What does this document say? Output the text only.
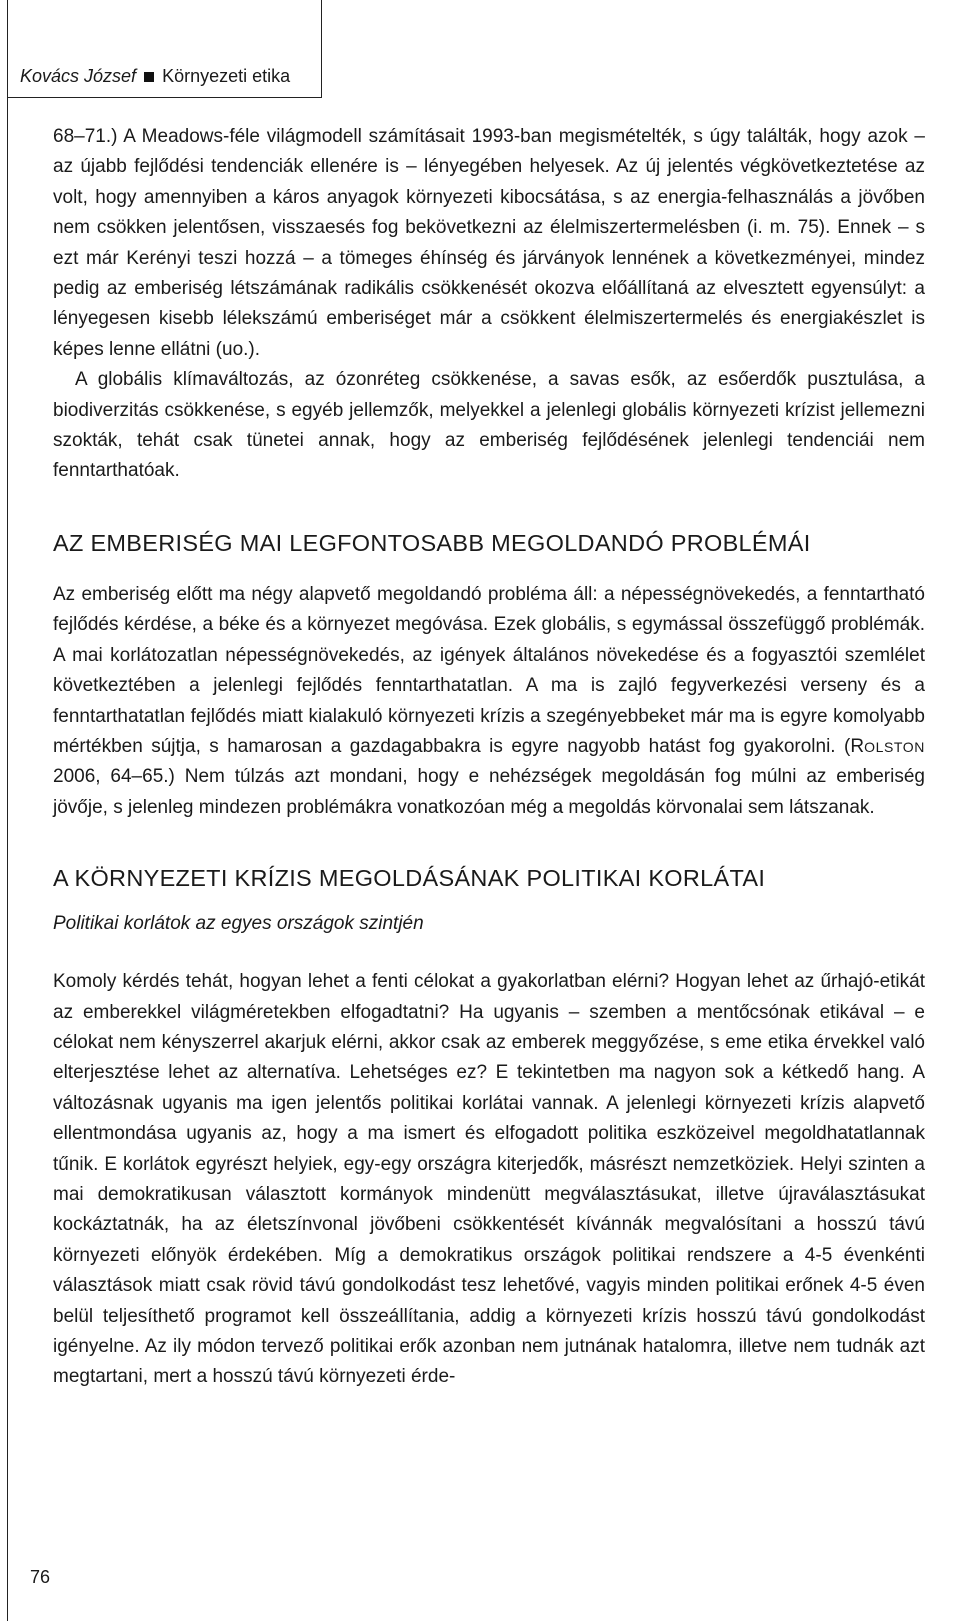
Kovács József Környezeti etika

68–71.) A Meadows-féle világmodell számításait 1993-ban megismételték, s úgy találták, hogy azok – az újabb fejlődési tendenciák ellenére is – lényegében helyesek. Az új jelentés végkövetkeztetése az volt, hogy amennyiben a káros anyagok környezeti kibocsátása, s az energia-felhasználás a jövőben nem csökken jelentősen, visszaesés fog bekövetkezni az élelmiszertermelésben (i. m. 75). Ennek – s ezt már Kerényi teszi hozzá – a tömeges éhínség és járványok lennének a következményei, mindez pedig az emberiség létszámának radikális csökkenését okozva előállítaná az elvesztett egyensúlyt: a lényegesen kisebb lélekszámú emberiséget már a csökkent élelmiszertermelés és energiakészlet is képes lenne ellátni (uo.).

A globális klímaváltozás, az ózonréteg csökkenése, a savas esők, az esőerdők pusztulása, a biodiverzitás csökkenése, s egyéb jellemzők, melyekkel a jelenlegi globális környezeti krízist jellemezni szokták, tehát csak tünetei annak, hogy az emberiség fejlődésének jelenlegi tendenciái nem fenntarthatóak.

AZ EMBERISÉG MAI LEGFONTOSABB MEGOLDANDÓ PROBLÉMÁI

Az emberiség előtt ma négy alapvető megoldandó probléma áll: a népességnövekedés, a fenntartható fejlődés kérdése, a béke és a környezet megóvása. Ezek globális, s egymással összefüggő problémák. A mai korlátozatlan népességnövekedés, az igények általános növekedése és a fogyasztói szemlélet következtében a jelenlegi fejlődés fenntarthatatlan. A ma is zajló fegyverkezési verseny és a fenntarthatatlan fejlődés miatt kialakuló környezeti krízis a szegényebbeket már ma is egyre komolyabb mértékben sújtja, s hamarosan a gazdagabbakra is egyre nagyobb hatást fog gyakorolni. (ROLSTON 2006, 64–65.) Nem túlzás azt mondani, hogy e nehézségek megoldásán fog múlni az emberiség jövője, s jelenleg mindezen problémákra vonatkozóan még a megoldás körvonalai sem látszanak.

A KÖRNYEZETI KRÍZIS MEGOLDÁSÁNAK POLITIKAI KORLÁTAI
Politikai korlátok az egyes országok szintjén

Komoly kérdés tehát, hogyan lehet a fenti célokat a gyakorlatban elérni? Hogyan lehet az űrhajó-etikát az emberekkel világméretekben elfogadtatni? Ha ugyanis – szemben a mentőcsónak etikával – e célokat nem kényszerrel akarjuk elérni, akkor csak az emberek meggyőzése, s eme etika érvekkel való elterjesztése lehet az alternatíva. Lehetséges ez? E tekintetben ma nagyon sok a kétkedő hang. A változásnak ugyanis ma igen jelentős politikai korlátai vannak. A jelenlegi környezeti krízis alapvető ellentmondása ugyanis az, hogy a ma ismert és elfogadott politika eszközeivel megoldhatatlannak tűnik. E korlátok egyrészt helyiek, egy-egy országra kiterjedők, másrészt nemzetköziek. Helyi szinten a mai demokratikusan választott kormányok mindenütt megválasztásukat, illetve újraválasztásukat kockáztatnák, ha az életszínvonal jövőbeni csökkentését kívánnák megvalósítani a hosszú távú környezeti előnyök érdekében. Míg a demokratikus országok politikai rendszere a 4-5 évenkénti választások miatt csak rövid távú gondolkodást tesz lehetővé, vagyis minden politikai erőnek 4-5 éven belül teljesíthető programot kell összeállítania, addig a környezeti krízis hosszú távú gondolkodást igényelne. Az ily módon tervező politikai erők azonban nem jutnának hatalomra, illetve nem tudnák azt megtartani, mert a hosszú távú környezeti érde-

76
